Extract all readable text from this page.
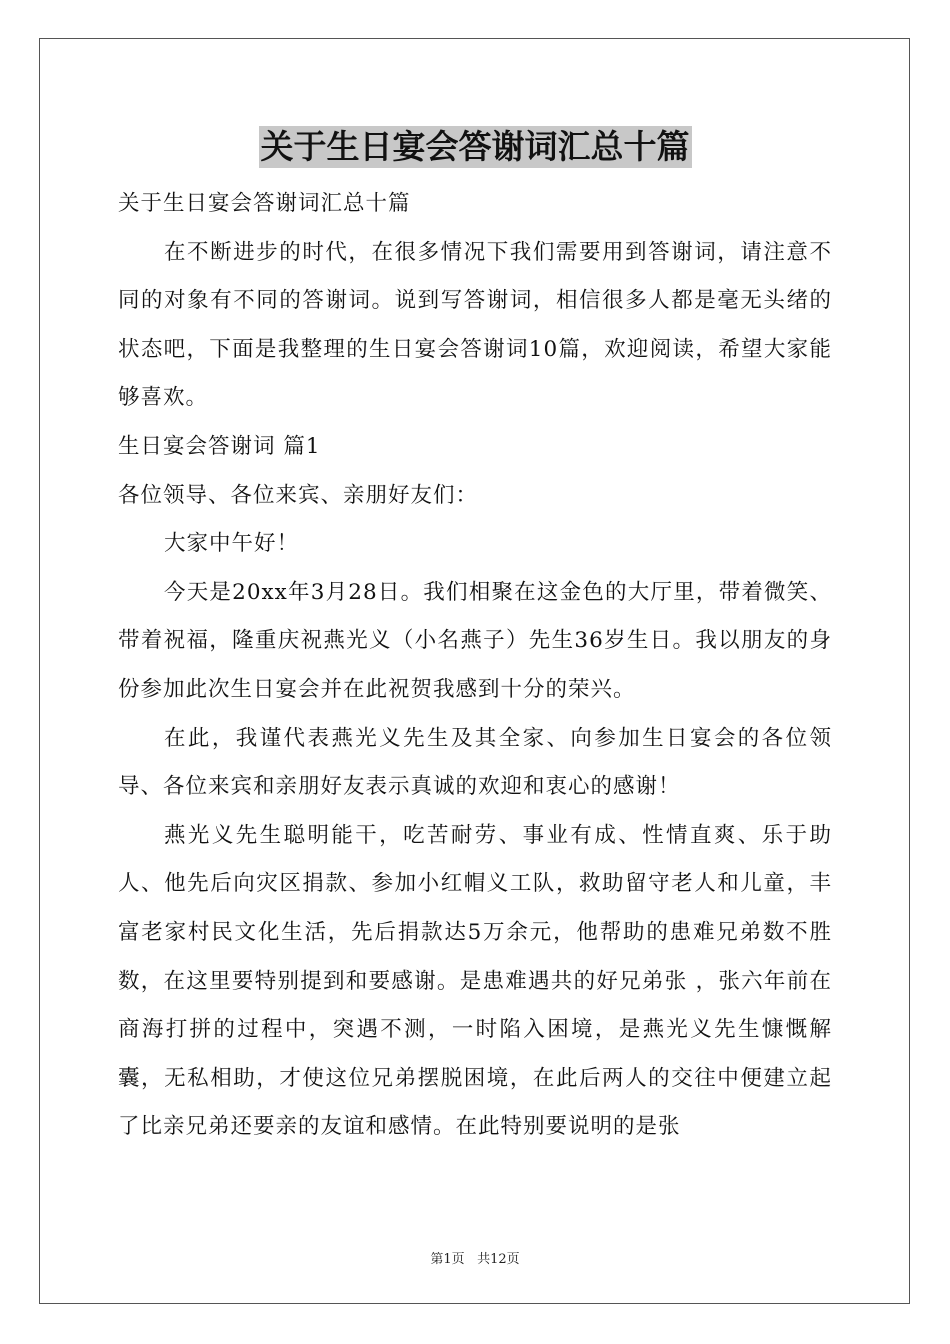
关于生日宴会答谢词汇总十篇

关于生日宴会答谢词汇总十篇

在不断进步的时代，在很多情况下我们需要用到答谢词，请注意不同的对象有不同的答谢词。说到写答谢词，相信很多人都是毫无头绪的状态吧，下面是我整理的生日宴会答谢词10篇，欢迎阅读，希望大家能够喜欢。

生日宴会答谢词 篇1

各位领导、各位来宾、亲朋好友们：

大家中午好！

今天是20xx年3月28日。我们相聚在这金色的大厅里，带着微笑、带着祝福，隆重庆祝燕光义（小名燕子）先生36岁生日。我以朋友的身份参加此次生日宴会并在此祝贺我感到十分的荣兴。

在此，我谨代表燕光义先生及其全家、向参加生日宴会的各位领导、各位来宾和亲朋好友表示真诚的欢迎和衷心的感谢！

燕光义先生聪明能干，吃苦耐劳、事业有成、性情直爽、乐于助人、他先后向灾区捐款、参加小红帽义工队，救助留守老人和儿童，丰富老家村民文化生活，先后捐款达5万余元，他帮助的患难兄弟数不胜数，在这里要特别提到和要感谢。是患难遇共的好兄弟张 ，张六年前在商海打拼的过程中，突遇不测，一时陷入困境，是燕光义先生慷慨解囊，无私相助，才使这位兄弟摆脱困境，在此后两人的交往中便建立起了比亲兄弟还要亲的友谊和感情。在此特别要说明的是张

第1页 共12页
